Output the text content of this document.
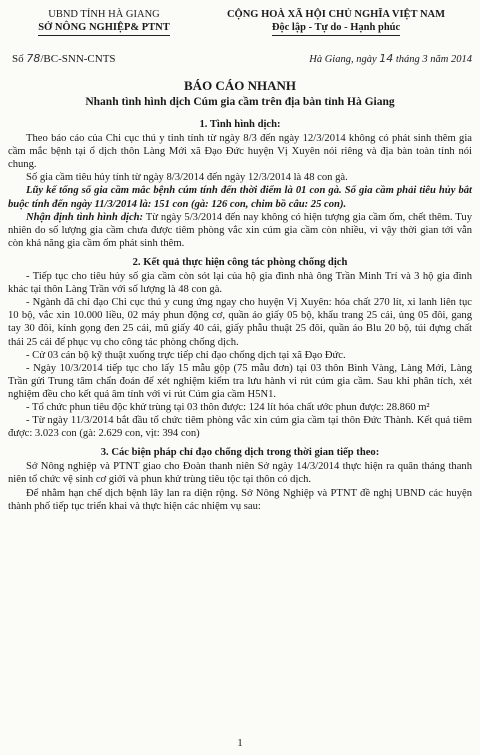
UBND TỈNH HÀ GIANG
SỞ NÔNG NGHIỆP& PTNT
CỘNG HOÀ XÃ HỘI CHỦ NGHĨA VIỆT NAM
Độc lập - Tự do - Hạnh phúc
Số 78/BC-SNN-CNTS	Hà Giang, ngày 14 tháng 3 năm 2014
BÁO CÁO NHANH
Nhanh tình hình dịch Cúm gia cầm trên địa bàn tỉnh Hà Giang

1. Tình hình dịch:

Theo báo cáo của Chi cục thú y tỉnh tính từ ngày 8/3 đến ngày 12/3/2014 không có phát sinh thêm gia cầm mắc bệnh tại ổ dịch thôn Làng Mới xã Đạo Đức huyện Vị Xuyên nói riêng và địa bàn toàn tỉnh nói chung.

Số gia cầm tiêu hủy tính từ ngày 8/3/2014 đến ngày 12/3/2014 là 48 con gà.

Lũy kế tổng số gia cầm mắc bệnh cúm tính đến thời điểm là 01 con gà. Số gia cầm phải tiêu hủy bắt buộc tính đến ngày 11/3/2014 là: 151 con (gà: 126 con, chim bồ câu: 25 con).

Nhận định tình hình dịch: Từ ngày 5/3/2014 đến nay không có hiện tượng gia cầm ốm, chết thêm. Tuy nhiên do số lượng gia cầm chưa được tiêm phòng vắc xin cúm gia cầm còn nhiều, vì vậy thời gian tới vẫn còn khả năng gia cầm ốm phát sinh thêm.

2. Kết quả thực hiện công tác phòng chống dịch

- Tiếp tục cho tiêu hủy số gia cầm còn sót lại của hộ gia đình nhà ông Trần Minh Trí và 3 hộ gia đình khác tại thôn Làng Trần với số lượng là 48 con gà.

- Ngành đã chỉ đạo Chi cục thú y cung ứng ngay cho huyện Vị Xuyên: hóa chất 270 lít, xi lanh liên tục 10 bộ, vắc xin 10.000 liều, 02 máy phun động cơ, quần áo giấy 05 bộ, khẩu trang 25 cái, ủng 05 đôi, gang tay 30 đôi, kính gọng đen 25 cái, mũ giấy 40 cái, giấy phẫu thuật 25 đôi, quần áo Blu 20 bộ, túi đựng chất thải 25 cái để phục vụ cho công tác phòng chống dịch.

- Cử 03 cán bộ kỹ thuật xuống trực tiếp chỉ đạo chống dịch tại xã Đạo Đức.

- Ngày 10/3/2014 tiếp tục cho lấy 15 mẫu gộp (75 mẫu đơn) tại 03 thôn Bình Vàng, Làng Mới, Làng Trần gửi Trung tâm chẩn đoán để xét nghiệm kiểm tra lưu hành vi rút cúm gia cầm. Sau khi phân tích, xét nghiệm đều cho kết quả âm tính với vi rút Cúm gia cầm H5N1.

- Tổ chức phun tiêu độc khử trùng tại 03 thôn được: 124 lít hóa chất ước phun được: 28.860 m²

- Từ ngày 11/3/2014 bắt đầu tổ chức tiêm phòng vắc xin cúm gia cầm tại thôn Đức Thành. Kết quả tiêm được: 3.023 con (gà: 2.629 con, vịt: 394 con)

3. Các biện pháp chỉ đạo chống dịch trong thời gian tiếp theo:

Sở Nông nghiệp và PTNT giao cho Đoàn thanh niên Sở ngày 14/3/2014 thực hiện ra quân tháng thanh niên tổ chức vệ sinh cơ giới và phun khử trùng tiêu tộc tại thôn có dịch.

Để nhằm hạn chế dịch bệnh lây lan ra diện rộng. Sở Nông Nghiệp và PTNT đề nghị UBND các huyện thành phố tiếp tục triển khai và thực hiện các nhiệm vụ sau:

1
